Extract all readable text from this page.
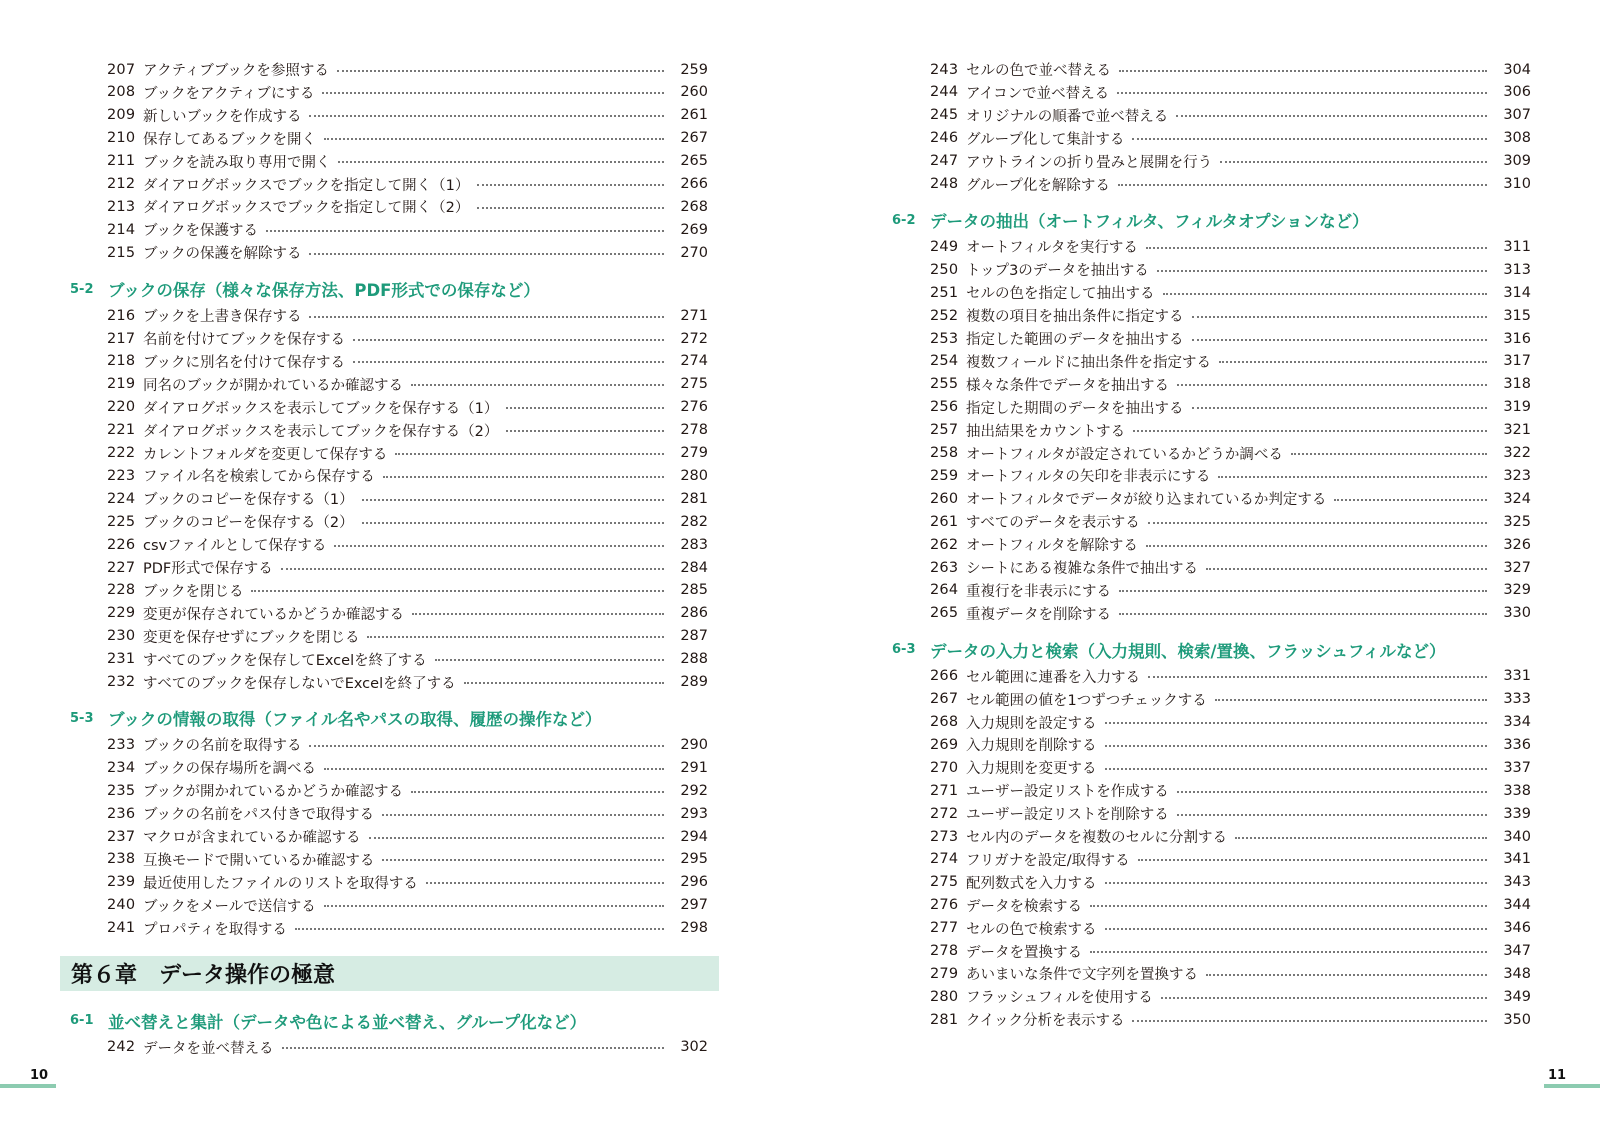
207 アクティブブックを参照する	259
208 ブックをアクティブにする	260
209 新しいブックを作成する	261
210 保存してあるブックを開く	267
211 ブックを読み取り専用で開く	265
212 ダイアログボックスでブックを指定して開く（1）	266
213 ダイアログボックスでブックを指定して開く（2）	268
214 ブックを保護する	269
215 ブックの保護を解除する	270
5-2 ブックの保存（様々な保存方法、PDF形式での保存など）
216 ブックを上書き保存する	271
217 名前を付けてブックを保存する	272
218 ブックに別名を付けて保存する	274
219 同名のブックが開かれているか確認する	275
220 ダイアログボックスを表示してブックを保存する（1）	276
221 ダイアログボックスを表示してブックを保存する（2）	278
222 カレントフォルダを変更して保存する	279
223 ファイル名を検索してから保存する	280
224 ブックのコピーを保存する（1）	281
225 ブックのコピーを保存する（2）	282
226 csvファイルとして保存する	283
227 PDF形式で保存する	284
228 ブックを閉じる	285
229 変更が保存されているかどうか確認する	286
230 変更を保存せずにブックを閉じる	287
231 すべてのブックを保存してExcelを終了する	288
232 すべてのブックを保存しないでExcelを終了する	289
5-3 ブックの情報の取得（ファイル名やパスの取得、履歴の操作など）
233 ブックの名前を取得する	290
234 ブックの保存場所を調べる	291
235 ブックが開かれているかどうか確認する	292
236 ブックの名前をパス付きで取得する	293
237 マクロが含まれているか確認する	294
238 互換モードで開いているか確認する	295
239 最近使用したファイルのリストを取得する	296
240 ブックをメールで送信する	297
241 プロパティを取得する	298
第６章　データ操作の極意
6-1 並べ替えと集計（データや色による並べ替え、グループ化など）
242 データを並べ替える	302
243 セルの色で並べ替える	304
244 アイコンで並べ替える	306
245 オリジナルの順番で並べ替える	307
246 グループ化して集計する	308
247 アウトラインの折り畳みと展開を行う	309
248 グループ化を解除する	310
6-2 データの抽出（オートフィルタ、フィルタオプションなど）
249 オートフィルタを実行する	311
250 トップ3のデータを抽出する	313
251 セルの色を指定して抽出する	314
252 複数の項目を抽出条件に指定する	315
253 指定した範囲のデータを抽出する	316
254 複数フィールドに抽出条件を指定する	317
255 様々な条件でデータを抽出する	318
256 指定した期間のデータを抽出する	319
257 抽出結果をカウントする	321
258 オートフィルタが設定されているかどうか調べる	322
259 オートフィルタの矢印を非表示にする	323
260 オートフィルタでデータが絞り込まれているか判定する	324
261 すべてのデータを表示する	325
262 オートフィルタを解除する	326
263 シートにある複雑な条件で抽出する	327
264 重複行を非表示にする	329
265 重複データを削除する	330
6-3 データの入力と検索（入力規則、検索/置換、フラッシュフィルなど）
266 セル範囲に連番を入力する	331
267 セル範囲の値を1つずつチェックする	333
268 入力規則を設定する	334
269 入力規則を削除する	336
270 入力規則を変更する	337
271 ユーザー設定リストを作成する	338
272 ユーザー設定リストを削除する	339
273 セル内のデータを複数のセルに分割する	340
274 フリガナを設定/取得する	341
275 配列数式を入力する	343
276 データを検索する	344
277 セルの色で検索する	346
278 データを置換する	347
279 あいまいな条件で文字列を置換する	348
280 フラッシュフィルを使用する	349
281 クイック分析を表示する	350
10	11
